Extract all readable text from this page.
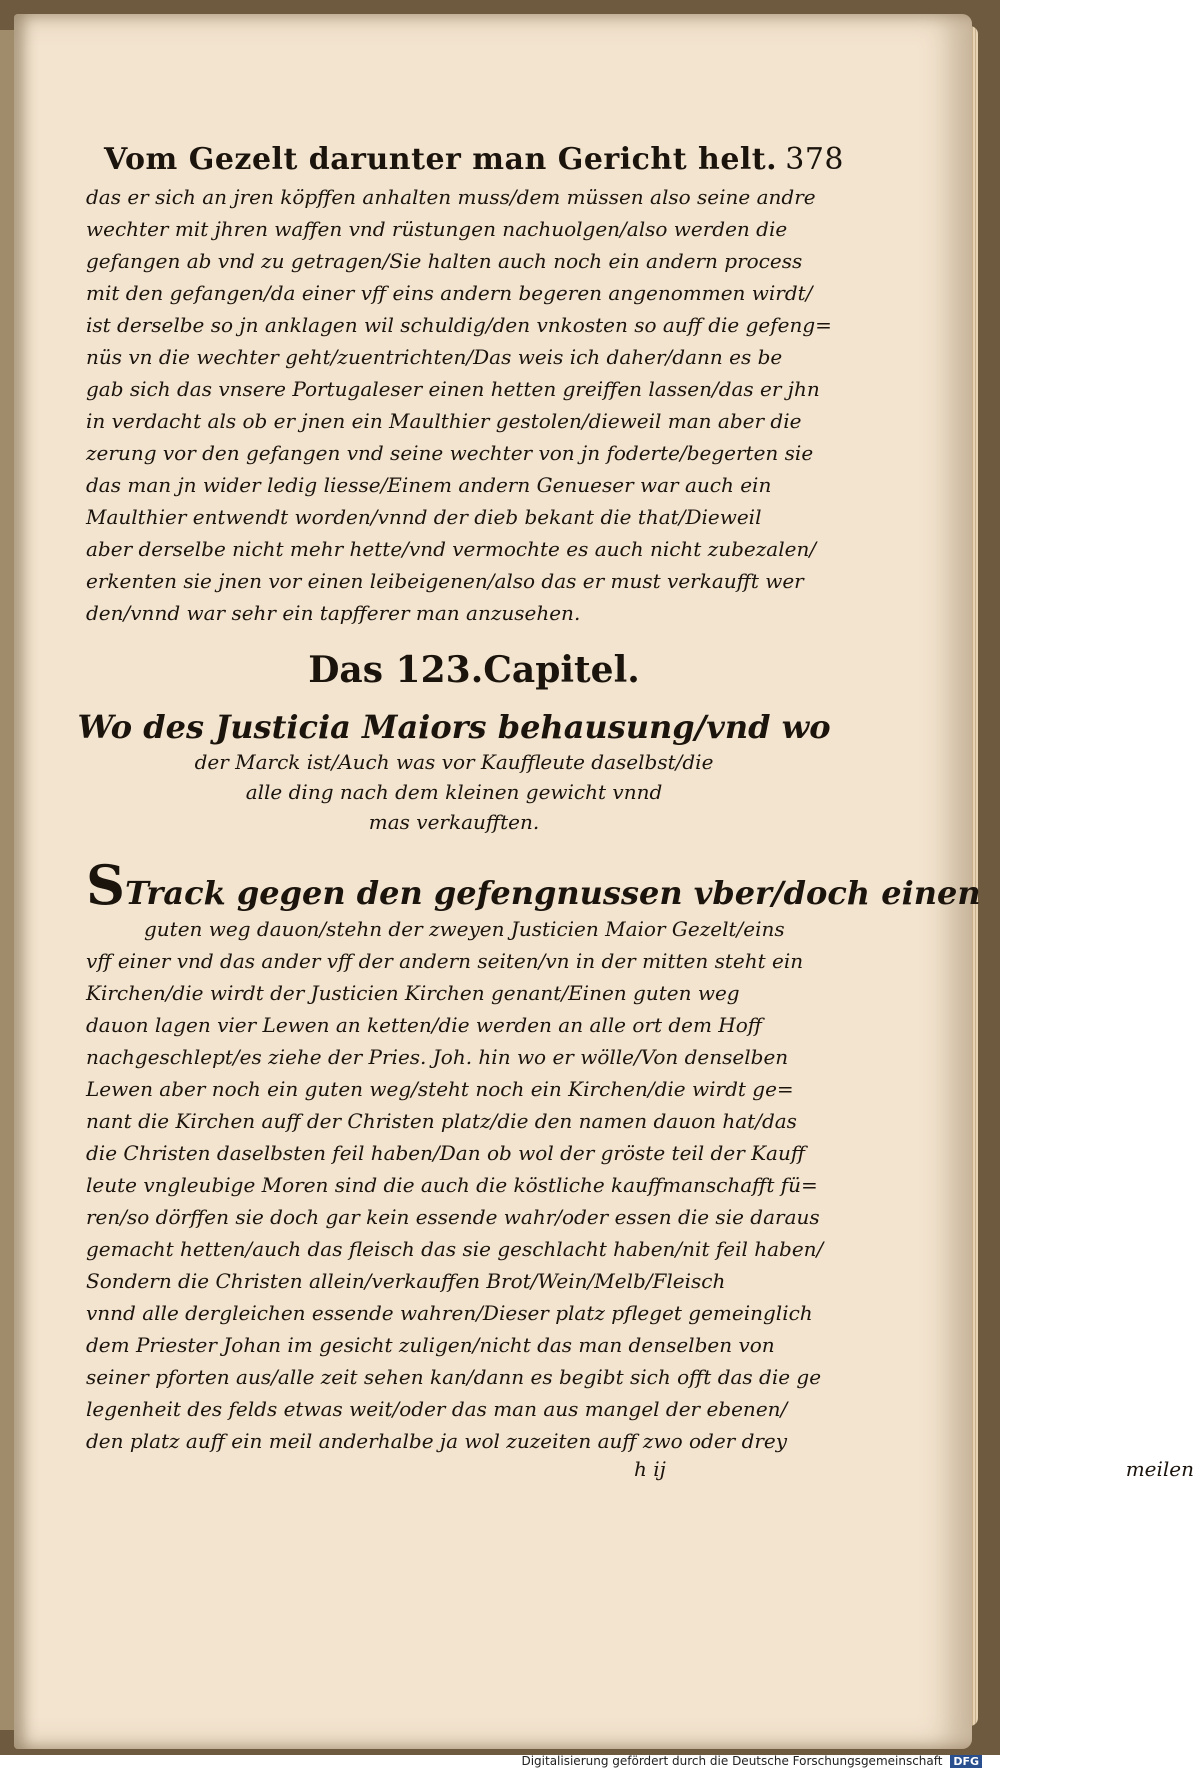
Vom Gezelt darunter man Gericht helt. 378

das er sich an jren köpffen anhalten muss/dem müssen also seine andre

wechter mit jhren waffen vnd rüstungen nachuolgen/also werden die

gefangen ab vnd zu getragen/Sie halten auch noch ein andern process

mit den gefangen/da einer vff eins andern begeren angenommen wirdt/

ist derselbe so jn anklagen wil schuldig/den vnkosten so auff die gefeng=

nüs vn die wechter geht/zuentrichten/Das weis ich daher/dann es be

gab sich das vnsere Portugaleser einen hetten greiffen lassen/das er jhn

in verdacht als ob er jnen ein Maulthier gestolen/dieweil man aber die

zerung vor den gefangen vnd seine wechter von jn foderte/begerten sie

das man jn wider ledig liesse/Einem andern Genueser war auch ein

Maulthier entwendt worden/vnnd der dieb bekant die that/Dieweil

aber derselbe nicht mehr hette/vnd vermochte es auch nicht zubezalen/

erkenten sie jnen vor einen leibeigenen/also das er must verkaufft wer

den/vnnd war sehr ein tapfferer man anzusehen.

Das 123.Capitel.

Wo des Justicia Maiors behausung/vnd wo

der Marck ist/Auch was vor Kauffleute daselbst/die

alle ding nach dem kleinen gewicht vnnd

mas verkaufften.

STrack gegen den gefengnussen vber/doch einen

guten weg dauon/stehn der zweyen Justicien Maior Gezelt/eins

vff einer vnd das ander vff der andern seiten/vn in der mitten steht ein

Kirchen/die wirdt der Justicien Kirchen genant/Einen guten weg

dauon lagen vier Lewen an ketten/die werden an alle ort dem Hoff

nachgeschlept/es ziehe der Pries. Joh. hin wo er wölle/Von denselben

Lewen aber noch ein guten weg/steht noch ein Kirchen/die wirdt ge=

nant die Kirchen auff der Christen platz/die den namen dauon hat/das

die Christen daselbsten feil haben/Dan ob wol der gröste teil der Kauff

leute vngleubige Moren sind die auch die köstliche kauffmanschafft fü=

ren/so dörffen sie doch gar kein essende wahr/oder essen die sie daraus

gemacht hetten/auch das fleisch das sie geschlacht haben/nit feil haben/

Sondern die Christen allein/verkauffen Brot/Wein/Melb/Fleisch

vnnd alle dergleichen essende wahren/Dieser platz pfleget gemeinglich

dem Priester Johan im gesicht zuligen/nicht das man denselben von

seiner pforten aus/alle zeit sehen kan/dann es begibt sich offt das die ge

legenheit des felds etwas weit/oder das man aus mangel der ebenen/

den platz auff ein meil anderhalbe ja wol zuzeiten auff zwo oder drey

h ij	meilen
Digitalisierung gefördert durch die Deutsche Forschungsgemeinschaft DFG
